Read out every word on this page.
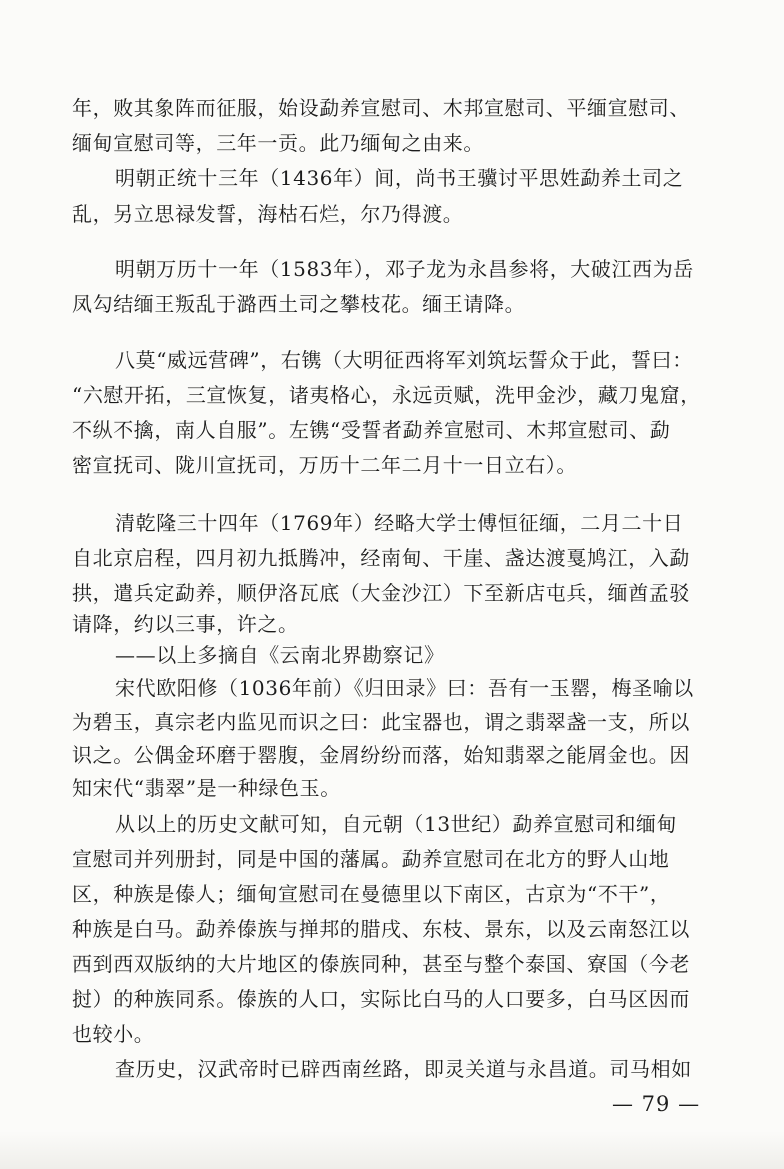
年，败其象阵而征服，始设勐养宣慰司、木邦宣慰司、平缅宣慰司、
缅甸宣慰司等，三年一贡。此乃缅甸之由来。
明朝正统十三年（1436年）间，尚书王骥讨平思姓勐养土司之
乱，另立思禄发誓，海枯石烂，尔乃得渡。
明朝万历十一年（1583年），邓子龙为永昌参将，大破江西为岳
凤勾结缅王叛乱于潞西土司之攀枝花。缅王请降。
八莫“威远营碑”，右镌（大明征西将军刘筑坛誓众于此，誓曰：
“六慰开拓，三宣恢复，诸夷格心，永远贡赋，洗甲金沙，藏刀鬼窟，
不纵不擒，南人自服”。左镌“受誓者勐养宣慰司、木邦宣慰司、勐
密宣抚司、陇川宣抚司，万历十二年二月十一日立右）。
清乾隆三十四年（1769年）经略大学士傅恒征缅，二月二十日
自北京启程，四月初九抵腾冲，经南甸、干崖、盏达渡戛鸠江，入勐
拱，遣兵定勐养，顺伊洛瓦底（大金沙江）下至新店屯兵，缅酋孟驳
请降，约以三事，许之。
——以上多摘自《云南北界勘察记》
宋代欧阳修（1036年前）《归田录》曰：吾有一玉罂，梅圣喻以
为碧玉，真宗老内监见而识之曰：此宝器也，谓之翡翠盏一支，所以
识之。公偶金环磨于罂腹，金屑纷纷而落，始知翡翠之能屑金也。因
知宋代“翡翠”是一种绿色玉。
从以上的历史文献可知，自元朝（13世纪）勐养宣慰司和缅甸
宣慰司并列册封，同是中国的藩属。勐养宣慰司在北方的野人山地
区，种族是傣人；缅甸宣慰司在曼德里以下南区，古京为“不干”，
种族是白马。勐养傣族与掸邦的腊戌、东枝、景东，以及云南怒江以
西到西双版纳的大片地区的傣族同种，甚至与整个泰国、寮国（今老
挝）的种族同系。傣族的人口，实际比白马的人口要多，白马区因而
也较小。
查历史，汉武帝时已辟西南丝路，即灵关道与永昌道。司马相如
— 79 —
